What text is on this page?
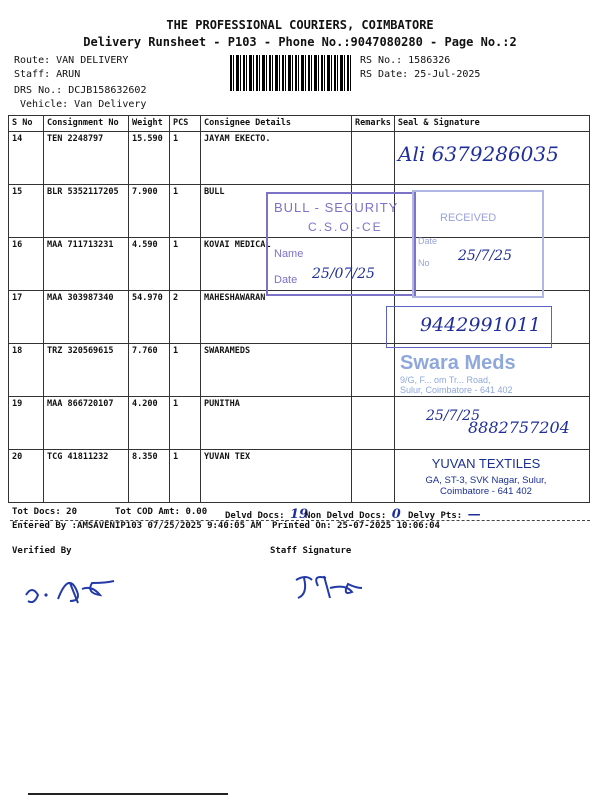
THE PROFESSIONAL COURIERS, COIMBATORE
Delivery Runsheet - P103 - Phone No.:9047080280 - Page No.:2
Route: VAN DELIVERY
Staff: ARUN
DRS No.: DCJB158632602
Vehicle: Van Delivery
RS No.: 1586326
RS Date: 25-Jul-2025
S No	Consignment No	Weight	PCS	Consignee Details	Remarks	Seal & Signature
14	TEN 2248797	15.590	1	JAYAM EKECTO.		
15	BLR 5352117205	7.900	1	BULL		
16	MAA 711713231	4.590	1	KOVAI MEDICAL		
17	MAA 303987340	54.970	2	MAHESHAWARAN		
18	TRZ 320569615	7.760	1	SWARAMEDS		
19	MAA 866720107	4.200	1	PUNITHA		
20	TCG 41811232	8.350	1	YUVAN TEX		
Tot Docs: 20	Tot COD Amt: 0.00 Delvd Docs: 19
Non Delvd Docs: 0 Delvy Pts: —
Entered By :AMSAVENIP103 07/25/2025 9:40:05 AM Printed On: 25-07-2025 10:06:04
Verified By	Staff Signature
Ali 6379286035
BULL - SECURITY
C.S.O.-CE
Name
Date 25/07/25
RECEIVED
Date
No 25/7/25
9442991011
Swara Meds
9/G, F... om Tr... Road,
Sulur, Coimbatore - 641 402
25/7/25
8882757204
YUVAN TEXTILES
GA, ST-3, SVK Nagar, Sulur,
Coimbatore - 641 402
